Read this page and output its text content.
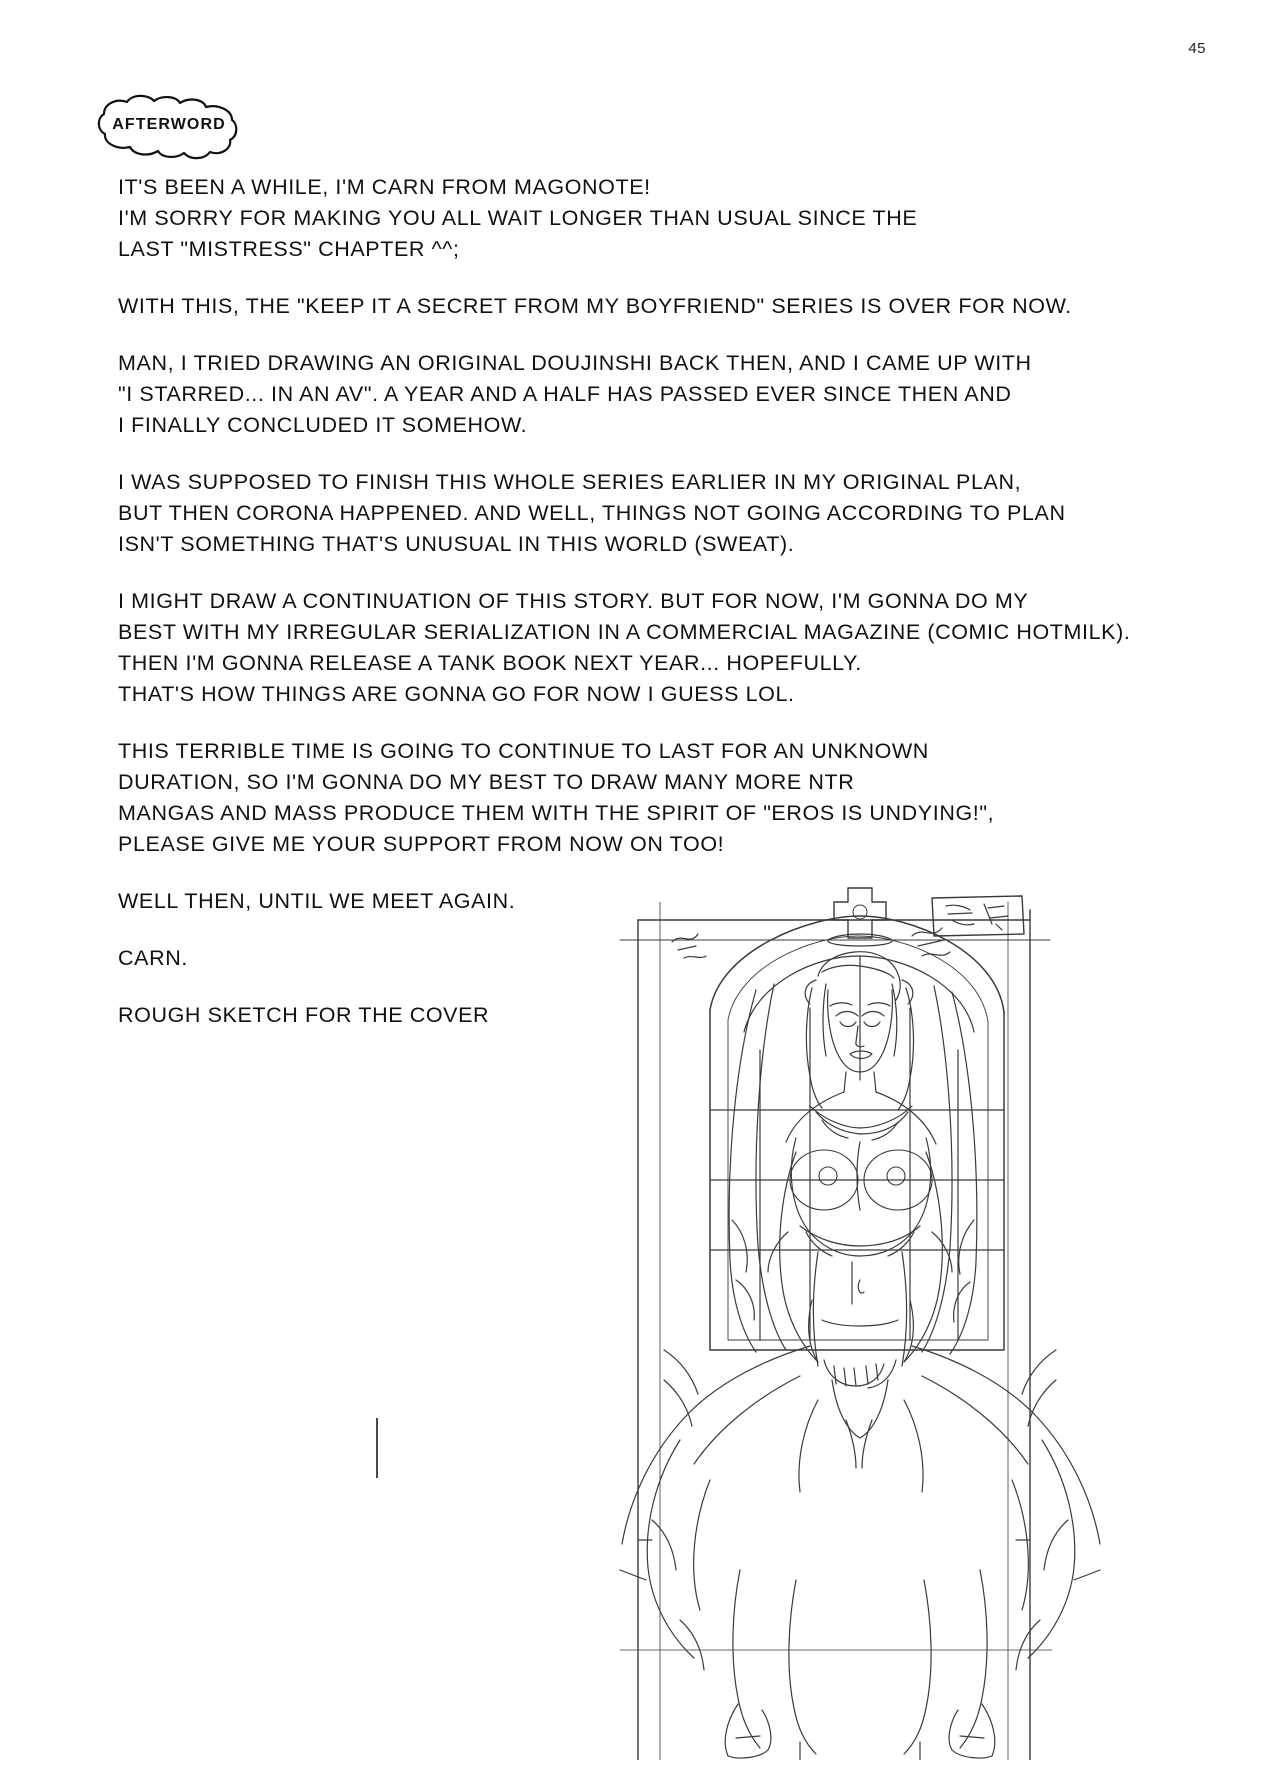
45
AFTERWORD
IT'S BEEN A WHILE, I'M CARN FROM MAGONOTE!
I'M SORRY FOR MAKING YOU ALL WAIT LONGER THAN USUAL SINCE THE
LAST "MISTRESS" CHAPTER ^^;
WITH THIS, THE "KEEP IT A SECRET FROM MY BOYFRIEND" SERIES IS OVER FOR NOW.
MAN, I TRIED DRAWING AN ORIGINAL DOUJINSHI BACK THEN, AND I CAME UP WITH
"I STARRED... IN AN AV". A YEAR AND A HALF HAS PASSED EVER SINCE THEN AND
I FINALLY CONCLUDED IT SOMEHOW.
I WAS SUPPOSED TO FINISH THIS WHOLE SERIES EARLIER IN MY ORIGINAL PLAN,
BUT THEN CORONA HAPPENED. AND WELL, THINGS NOT GOING ACCORDING TO PLAN
ISN'T SOMETHING THAT'S UNUSUAL IN THIS WORLD (SWEAT).
I MIGHT DRAW A CONTINUATION OF THIS STORY. BUT FOR NOW, I'M GONNA DO MY
BEST WITH MY IRREGULAR SERIALIZATION IN A COMMERCIAL MAGAZINE (COMIC HOTMILK).
THEN I'M GONNA RELEASE A TANK BOOK NEXT YEAR... HOPEFULLY.
THAT'S HOW THINGS ARE GONNA GO FOR NOW I GUESS LOL.
THIS TERRIBLE TIME IS GOING TO CONTINUE TO LAST FOR AN UNKNOWN
DURATION, SO I'M GONNA DO MY BEST TO DRAW MANY MORE NTR
MANGAS AND MASS PRODUCE THEM WITH THE SPIRIT OF "EROS IS UNDYING!",
PLEASE GIVE ME YOUR SUPPORT FROM NOW ON TOO!
WELL THEN, UNTIL WE MEET AGAIN.
CARN.
ROUGH SKETCH FOR THE COVER
